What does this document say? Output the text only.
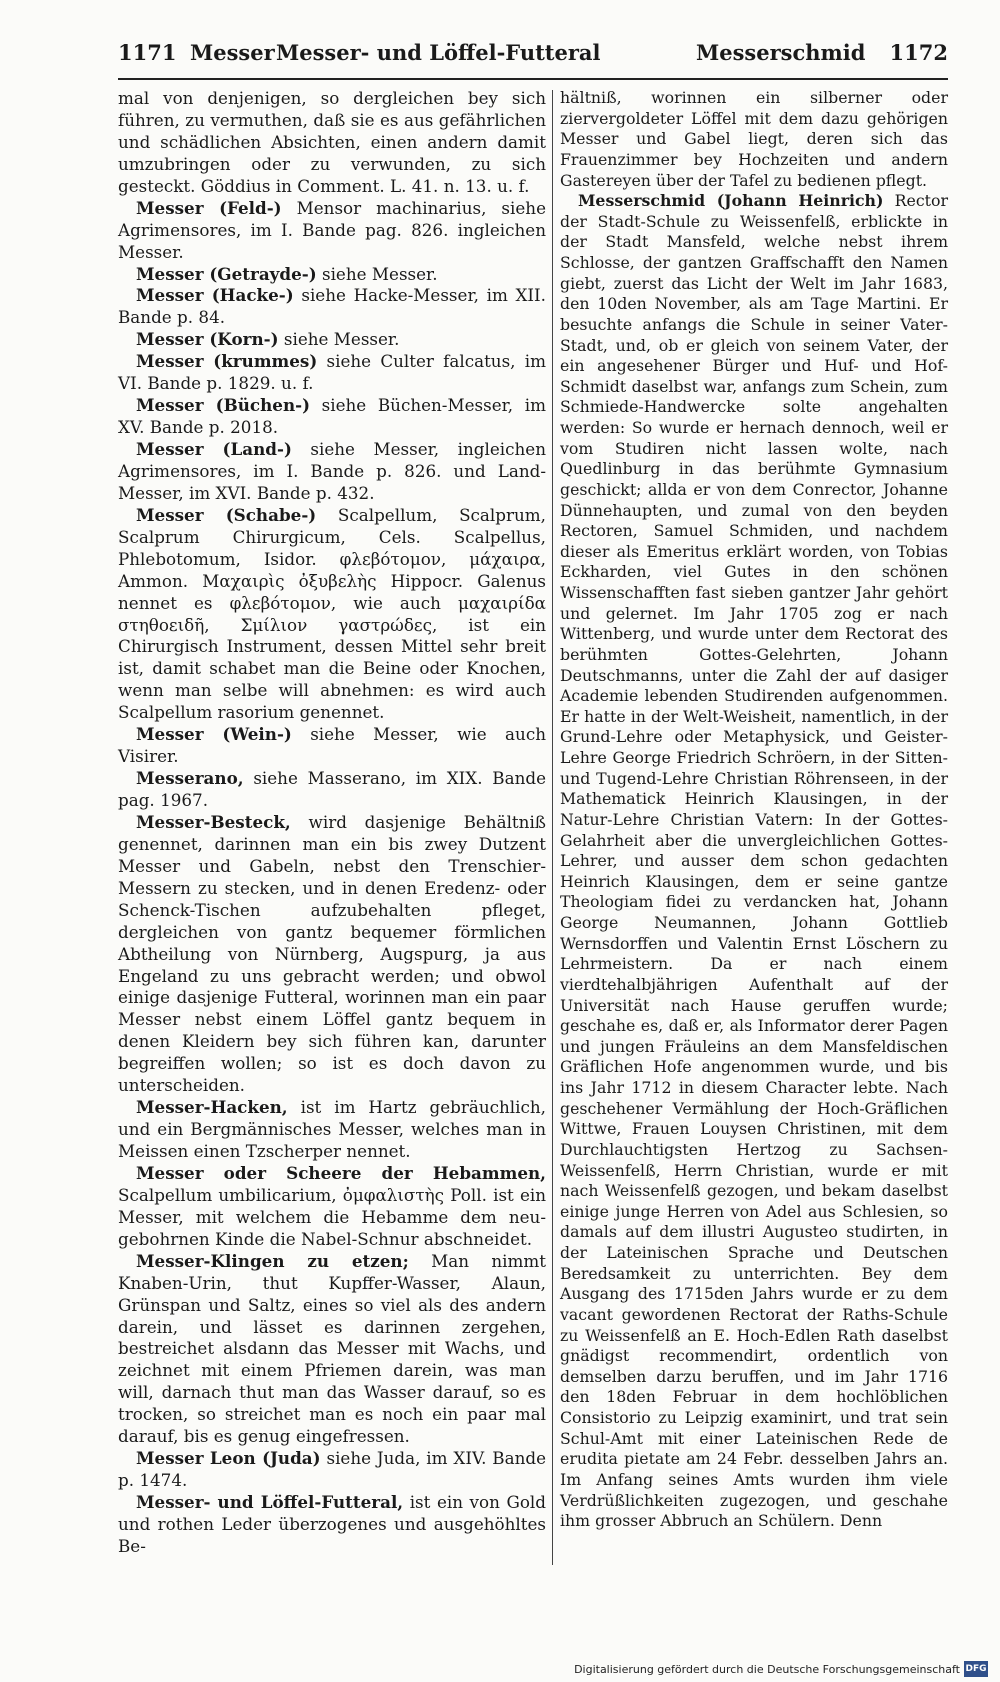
1171 Messer Messer- und Löffel-Futteral	Messerschmid 1172

mal von denjenigen, so dergleichen bey sich führen, zu vermuthen, daß sie es aus gefährlichen und schädlichen Absichten, einen andern damit umzubringen oder zu verwunden, zu sich gesteckt. Göddius in Comment. L. 41. n. 13. u. f.

Messer (Feld-) Mensor machinarius, siehe Agrimensores, im I. Bande pag. 826. ingleichen Messer.

Messer (Getrayde-) siehe Messer.

Messer (Hacke-) siehe Hacke-Messer, im XII. Bande p. 84.

Messer (Korn-) siehe Messer.

Messer (krummes) siehe Culter falcatus, im VI. Bande p. 1829. u. f.

Messer (Büchen-) siehe Büchen-Messer, im XV. Bande p. 2018.

Messer (Land-) siehe Messer, ingleichen Agrimensores, im I. Bande p. 826. und Land-Messer, im XVI. Bande p. 432.

Messer (Schabe-) Scalpellum, Scalprum, Scalprum Chirurgicum, Cels. Scalpellus, Phlebotomum, Isidor. φλεβότομον, μάχαιρα, Ammon. Μαχαιρὶς ὀξυβελὴς Hippocr. Galenus nennet es φλεβότομον, wie auch μαχαιρίδα στηθοειδῆ, Σμίλιον γαστρώδες, ist ein Chirurgisch Instrument, dessen Mittel sehr breit ist, damit schabet man die Beine oder Knochen, wenn man selbe will abnehmen: es wird auch Scalpellum rasorium genennet.

Messer (Wein-) siehe Messer, wie auch Visirer.

Messerano, siehe Masserano, im XIX. Bande pag. 1967.

Messer-Besteck, wird dasjenige Behältniß genennet, darinnen man ein bis zwey Dutzent Messer und Gabeln, nebst den Trenschier-Messern zu stecken, und in denen Eredenz- oder Schenck-Tischen aufzubehalten pfleget, dergleichen von gantz bequemer förmlichen Abtheilung von Nürnberg, Augspurg, ja aus Engeland zu uns gebracht werden; und obwol einige dasjenige Futteral, worinnen man ein paar Messer nebst einem Löffel gantz bequem in denen Kleidern bey sich führen kan, darunter begreiffen wollen; so ist es doch davon zu unterscheiden.

Messer-Hacken, ist im Hartz gebräuchlich, und ein Bergmännisches Messer, welches man in Meissen einen Tzscherper nennet.

Messer oder Scheere der Hebammen, Scalpellum umbilicarium, ὀμφαλιστὴς Poll. ist ein Messer, mit welchem die Hebamme dem neu-gebohrnen Kinde die Nabel-Schnur abschneidet.

Messer-Klingen zu etzen; Man nimmt Knaben-Urin, thut Kupffer-Wasser, Alaun, Grünspan und Saltz, eines so viel als des andern darein, und lässet es darinnen zergehen, bestreichet alsdann das Messer mit Wachs, und zeichnet mit einem Pfriemen darein, was man will, darnach thut man das Wasser darauf, so es trocken, so streichet man es noch ein paar mal darauf, bis es genug eingefressen.

Messer Leon (Juda) siehe Juda, im XIV. Bande p. 1474.

Messer- und Löffel-Futteral, ist ein von Gold und rothen Leder überzogenes und ausgehöhltes Be-

hältniß, worinnen ein silberner oder ziervergoldeter Löffel mit dem dazu gehörigen Messer und Gabel liegt, deren sich das Frauenzimmer bey Hochzeiten und andern Gastereyen über der Tafel zu bedienen pflegt.

Messerschmid (Johann Heinrich) Rector der Stadt-Schule zu Weissenfelß, erblickte in der Stadt Mansfeld, welche nebst ihrem Schlosse, der gantzen Graffschafft den Namen giebt, zuerst das Licht der Welt im Jahr 1683, den 10den November, als am Tage Martini. Er besuchte anfangs die Schule in seiner Vater-Stadt, und, ob er gleich von seinem Vater, der ein angesehener Bürger und Huf- und Hof-Schmidt daselbst war, anfangs zum Schein, zum Schmiede-Handwercke solte angehalten werden: So wurde er hernach dennoch, weil er vom Studiren nicht lassen wolte, nach Quedlinburg in das berühmte Gymnasium geschickt; allda er von dem Conrector, Johanne Dünnehaupten, und zumal von den beyden Rectoren, Samuel Schmiden, und nachdem dieser als Emeritus erklärt worden, von Tobias Eckharden, viel Gutes in den schönen Wissenschafften fast sieben gantzer Jahr gehört und gelernet. Im Jahr 1705 zog er nach Wittenberg, und wurde unter dem Rectorat des berühmten Gottes-Gelehrten, Johann Deutschmanns, unter die Zahl der auf dasiger Academie lebenden Studirenden aufgenommen. Er hatte in der Welt-Weisheit, namentlich, in der Grund-Lehre oder Metaphysick, und Geister-Lehre George Friedrich Schröern, in der Sitten- und Tugend-Lehre Christian Röhrenseen, in der Mathematick Heinrich Klausingen, in der Natur-Lehre Christian Vatern: In der Gottes-Gelahrheit aber die unvergleichlichen Gottes-Lehrer, und ausser dem schon gedachten Heinrich Klausingen, dem er seine gantze Theologiam fidei zu verdancken hat, Johann George Neumannen, Johann Gottlieb Wernsdorffen und Valentin Ernst Löschern zu Lehrmeistern. Da er nach einem vierdtehalbjährigen Aufenthalt auf der Universität nach Hause geruffen wurde; geschahe es, daß er, als Informator derer Pagen und jungen Fräuleins an dem Mansfeldischen Gräflichen Hofe angenommen wurde, und bis ins Jahr 1712 in diesem Character lebte. Nach geschehener Vermählung der Hoch-Gräflichen Wittwe, Frauen Louysen Christinen, mit dem Durchlauchtigsten Hertzog zu Sachsen-Weissenfelß, Herrn Christian, wurde er mit nach Weissenfelß gezogen, und bekam daselbst einige junge Herren von Adel aus Schlesien, so damals auf dem illustri Augusteo studirten, in der Lateinischen Sprache und Deutschen Beredsamkeit zu unterrichten. Bey dem Ausgang des 1715den Jahrs wurde er zu dem vacant gewordenen Rectorat der Raths-Schule zu Weissenfelß an E. Hoch-Edlen Rath daselbst gnädigst recommendirt, ordentlich von demselben darzu beruffen, und im Jahr 1716 den 18den Februar in dem hochlöblichen Consistorio zu Leipzig examinirt, und trat sein Schul-Amt mit einer Lateinischen Rede de erudita pietate am 24 Febr. desselben Jahrs an. Im Anfang seines Amts wurden ihm viele Verdrüßlichkeiten zugezogen, und geschahe ihm grosser Abbruch an Schülern. Denn

Digitalisierung gefördert durch die Deutsche Forschungsgemeinschaft DFG
